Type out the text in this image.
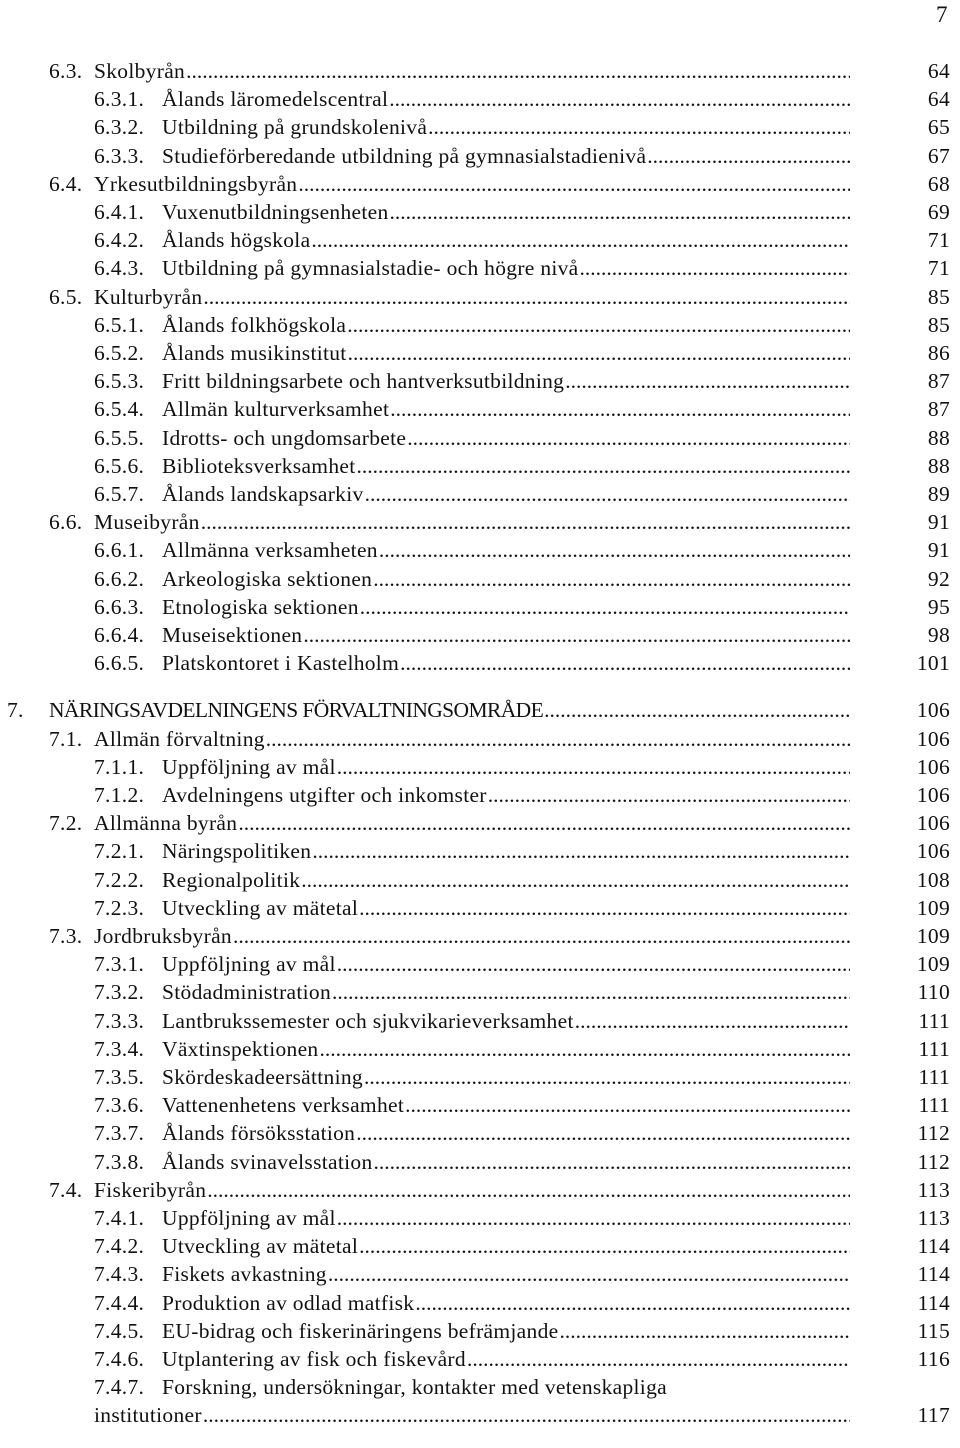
7
6.3. Skolbyrån .....	64
6.3.1. Ålands läromedelscentral .....	64
6.3.2. Utbildning på grundskolenivå .....	65
6.3.3. Studieförberedande utbildning på gymnasialstadienivå .....	67
6.4. Yrkesutbildningsbyrån .....	68
6.4.1. Vuxenutbildningsenheten .....	69
6.4.2. Ålands högskola .....	71
6.4.3. Utbildning på gymnasialstadie- och högre nivå .....	71
6.5. Kulturbyrån .....	85
6.5.1. Ålands folkhögskola .....	85
6.5.2. Ålands musikinstitut .....	86
6.5.3. Fritt bildningsarbete och hantverksutbildning .....	87
6.5.4. Allmän kulturverksamhet .....	87
6.5.5. Idrotts- och ungdomsarbete .....	88
6.5.6. Biblioteksverksamhet .....	88
6.5.7. Ålands landskapsarkiv .....	89
6.6. Museibyrån .....	91
6.6.1. Allmänna verksamheten .....	91
6.6.2. Arkeologiska sektionen .....	92
6.6.3. Etnologiska sektionen .....	95
6.6.4. Museisektionen .....	98
6.6.5. Platskontoret i Kastelholm .....	101
7. NÄRINGSAVDELNINGENS FÖRVALTNINGSOMRÅDE .....	106
7.1. Allmän förvaltning .....	106
7.1.1. Uppföljning av mål .....	106
7.1.2. Avdelningens utgifter och inkomster .....	106
7.2. Allmänna byrån .....	106
7.2.1. Näringspolitiken .....	106
7.2.2. Regionalpolitik .....	108
7.2.3. Utveckling av mätetal .....	109
7.3. Jordbruksbyrån .....	109
7.3.1. Uppföljning av mål .....	109
7.3.2. Stödadministration .....	110
7.3.3. Lantbrukssemester och sjukvikarieverksamhet .....	111
7.3.4. Växtinspektionen .....	111
7.3.5. Skördeskadeersättning .....	111
7.3.6. Vattenenhetens verksamhet .....	111
7.3.7. Ålands försöksstation .....	112
7.3.8. Ålands svinavelsstation .....	112
7.4. Fiskeribyrån .....	113
7.4.1. Uppföljning av mål .....	113
7.4.2. Utveckling av mätetal .....	114
7.4.3. Fiskets avkastning .....	114
7.4.4. Produktion av odlad matfisk .....	114
7.4.5. EU-bidrag och fiskerinäringens befrämjande .....	115
7.4.6. Utplantering av fisk och fiskevård .....	116
7.4.7. Forskning, undersökningar, kontakter med vetenskapliga
institutioner .....	117
